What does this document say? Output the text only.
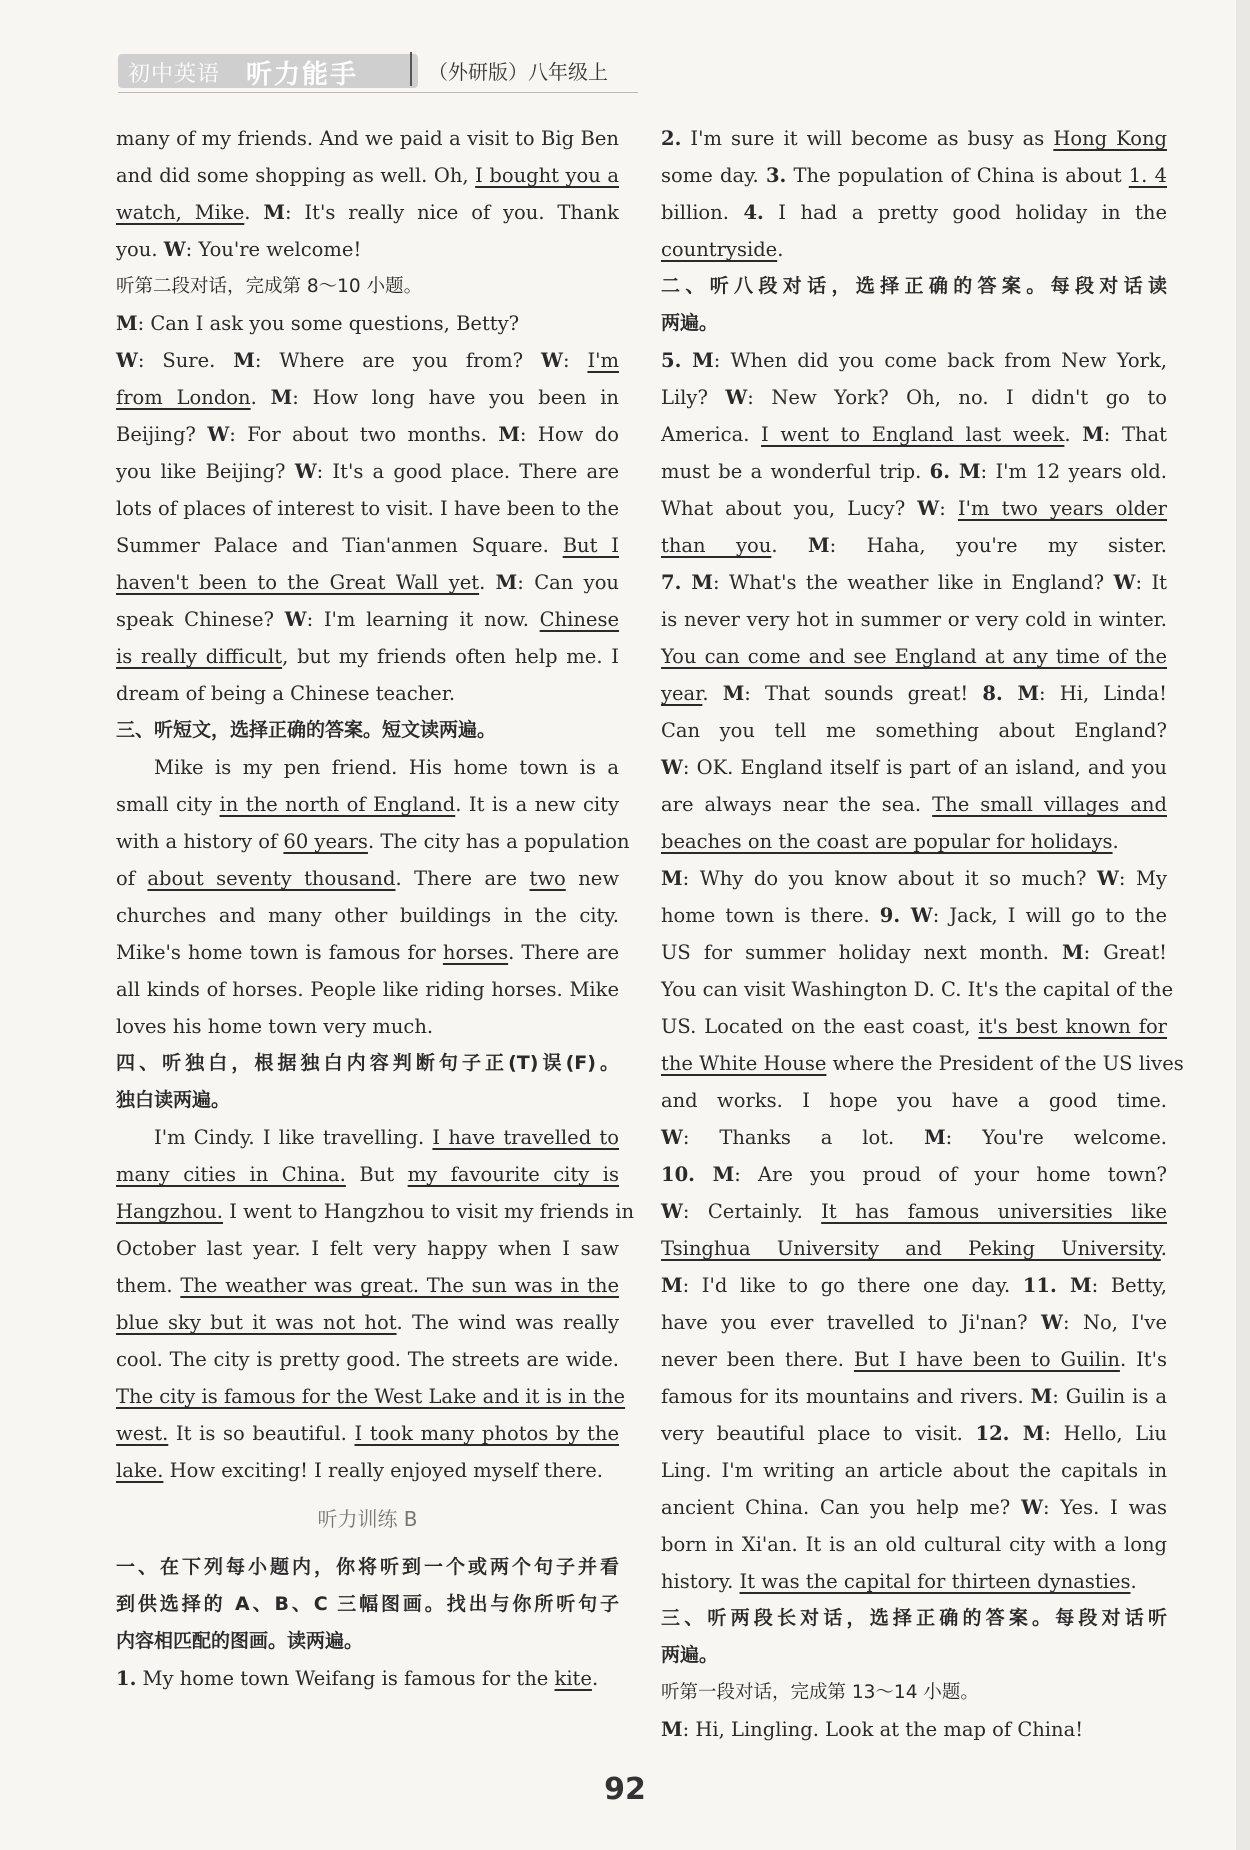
初中英语 听力能手	（外研版）八年级上
many of my friends. And we paid a visit to Big Ben
and did some shopping as well. Oh, I bought you a
watch, Mike. M: It's really nice of you. Thank
you. W: You're welcome!
听第二段对话，完成第 8～10 小题。
M: Can I ask you some questions, Betty?
W: Sure. M: Where are you from? W: I'm
from London. M: How long have you been in
Beijing? W: For about two months. M: How do
you like Beijing? W: It's a good place. There are
lots of places of interest to visit. I have been to the
Summer Palace and Tian'anmen Square. But I
haven't been to the Great Wall yet. M: Can you
speak Chinese? W: I'm learning it now. Chinese
is really difficult, but my friends often help me. I
dream of being a Chinese teacher.
三、听短文，选择正确的答案。短文读两遍。
Mike is my pen friend. His home town is a
small city in the north of England. It is a new city
with a history of 60 years. The city has a population
of about seventy thousand. There are two new
churches and many other buildings in the city.
Mike's home town is famous for horses. There are
all kinds of horses. People like riding horses. Mike
loves his home town very much.
四、听独白，根据独白内容判断句子正(T)误(F)。
独白读两遍。
I'm Cindy. I like travelling. I have travelled to
many cities in China. But my favourite city is
Hangzhou. I went to Hangzhou to visit my friends in
October last year. I felt very happy when I saw
them. The weather was great. The sun was in the
blue sky but it was not hot. The wind was really
cool. The city is pretty good. The streets are wide.
The city is famous for the West Lake and it is in the
west. It is so beautiful. I took many photos by the
lake. How exciting! I really enjoyed myself there.
听力训练 B
一、在下列每小题内，你将听到一个或两个句子并看
到供选择的 A、B、C 三幅图画。找出与你所听句子
内容相匹配的图画。读两遍。
1. My home town Weifang is famous for the kite.
2. I'm sure it will become as busy as Hong Kong
some day. 3. The population of China is about 1. 4
billion. 4. I had a pretty good holiday in the
countryside.
二、听八段对话，选择正确的答案。每段对话读
两遍。
5. M: When did you come back from New York,
Lily? W: New York? Oh, no. I didn't go to
America. I went to England last week. M: That
must be a wonderful trip. 6. M: I'm 12 years old.
What about you, Lucy? W: I'm two years older
than you. M: Haha, you're my sister.
7. M: What's the weather like in England? W: It
is never very hot in summer or very cold in winter.
You can come and see England at any time of the
year. M: That sounds great! 8. M: Hi, Linda!
Can you tell me something about England?
W: OK. England itself is part of an island, and you
are always near the sea. The small villages and
beaches on the coast are popular for holidays.
M: Why do you know about it so much? W: My
home town is there. 9. W: Jack, I will go to the
US for summer holiday next month. M: Great!
You can visit Washington D. C. It's the capital of the
US. Located on the east coast, it's best known for
the White House where the President of the US lives
and works. I hope you have a good time.
W: Thanks a lot. M: You're welcome.
10. M: Are you proud of your home town?
W: Certainly. It has famous universities like
Tsinghua University and Peking University.
M: I'd like to go there one day. 11. M: Betty,
have you ever travelled to Ji'nan? W: No, I've
never been there. But I have been to Guilin. It's
famous for its mountains and rivers. M: Guilin is a
very beautiful place to visit. 12. M: Hello, Liu
Ling. I'm writing an article about the capitals in
ancient China. Can you help me? W: Yes. I was
born in Xi'an. It is an old cultural city with a long
history. It was the capital for thirteen dynasties.
三、听两段长对话，选择正确的答案。每段对话听
两遍。
听第一段对话，完成第 13～14 小题。
M: Hi, Lingling. Look at the map of China!
92
